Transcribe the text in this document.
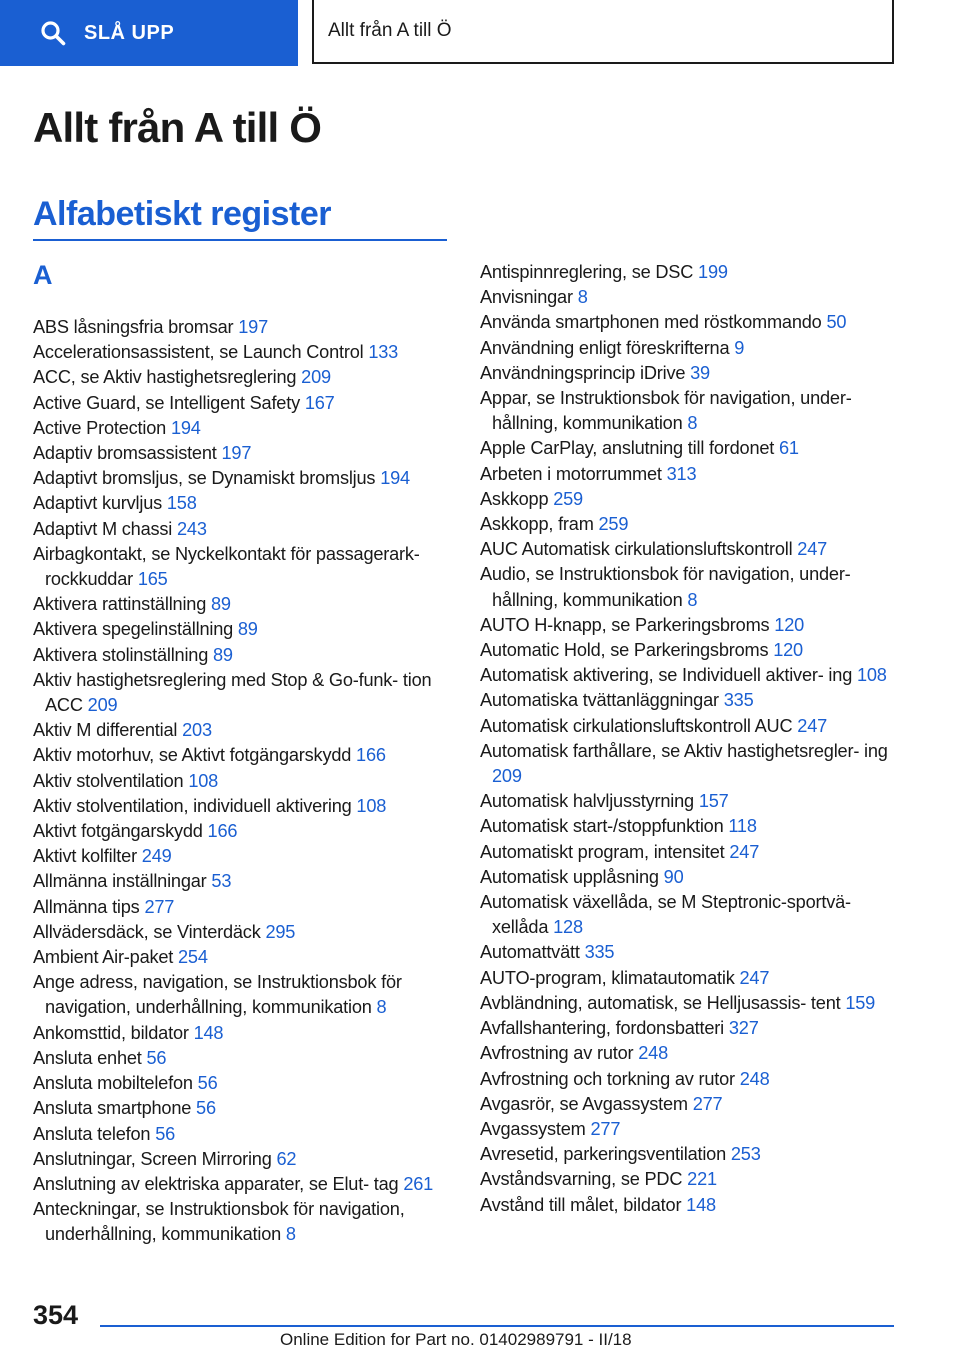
SLÅ UPP	Allt från A till Ö
Allt från A till Ö
Alfabetiskt register
A
ABS låsningsfria bromsar 197
Accelerationsassistent, se Launch Control 133
ACC, se Aktiv hastighetsreglering 209
Active Guard, se Intelligent Safety 167
Active Protection 194
Adaptiv bromsassistent 197
Adaptivt bromsljus, se Dynamiskt bromsljus 194
Adaptivt kurvljus 158
Adaptivt M chassi 243
Airbagkontakt, se Nyckelkontakt för passagerark- rockkuddar 165
Aktivera rattinställning 89
Aktivera spegelinställning 89
Aktivera stolinställning 89
Aktiv hastighetsreglering med Stop & Go-funk- tion ACC 209
Aktiv M differential 203
Aktiv motorhuv, se Aktivt fotgängarskydd 166
Aktiv stolventilation 108
Aktiv stolventilation, individuell aktivering 108
Aktivt fotgängarskydd 166
Aktivt kolfilter 249
Allmänna inställningar 53
Allmänna tips 277
Allvädersdäck, se Vinterdäck 295
Ambient Air-paket 254
Ange adress, navigation, se Instruktionsbok för navigation, underhållning, kommunikation 8
Ankomsttid, bildator 148
Ansluta enhet 56
Ansluta mobiltelefon 56
Ansluta smartphone 56
Ansluta telefon 56
Anslutningar, Screen Mirroring 62
Anslutning av elektriska apparater, se Elut- tag 261
Anteckningar, se Instruktionsbok för navigation, underhållning, kommunikation 8
Antispinnreglering, se DSC 199
Anvisningar 8
Använda smartphonen med röstkommando 50
Användning enligt föreskrifterna 9
Användningsprincip iDrive 39
Appar, se Instruktionsbok för navigation, under- hållning, kommunikation 8
Apple CarPlay, anslutning till fordonet 61
Arbeten i motorrummet 313
Askkopp 259
Askkopp, fram 259
AUC Automatisk cirkulationsluftskontroll 247
Audio, se Instruktionsbok för navigation, under- hållning, kommunikation 8
AUTO H-knapp, se Parkeringsbroms 120
Automatic Hold, se Parkeringsbroms 120
Automatisk aktivering, se Individuell aktiver- ing 108
Automatiska tvättanläggningar 335
Automatisk cirkulationsluftskontroll AUC 247
Automatisk farthållare, se Aktiv hastighetsregler- ing 209
Automatisk halvljusstyrning 157
Automatisk start-/stoppfunktion 118
Automatiskt program, intensitet 247
Automatisk upplåsning 90
Automatisk växellåda, se M Steptronic-sportvä- xellåda 128
Automattvätt 335
AUTO-program, klimatautomatik 247
Avbländning, automatisk, se Helljusassis- tent 159
Avfallshantering, fordonsbatteri 327
Avfrostning av rutor 248
Avfrostning och torkning av rutor 248
Avgasrör, se Avgassystem 277
Avgassystem 277
Avresetid, parkeringsventilation 253
Avståndsvarning, se PDC 221
Avstånd till målet, bildator 148
354
Online Edition for Part no. 01402989791 - II/18
